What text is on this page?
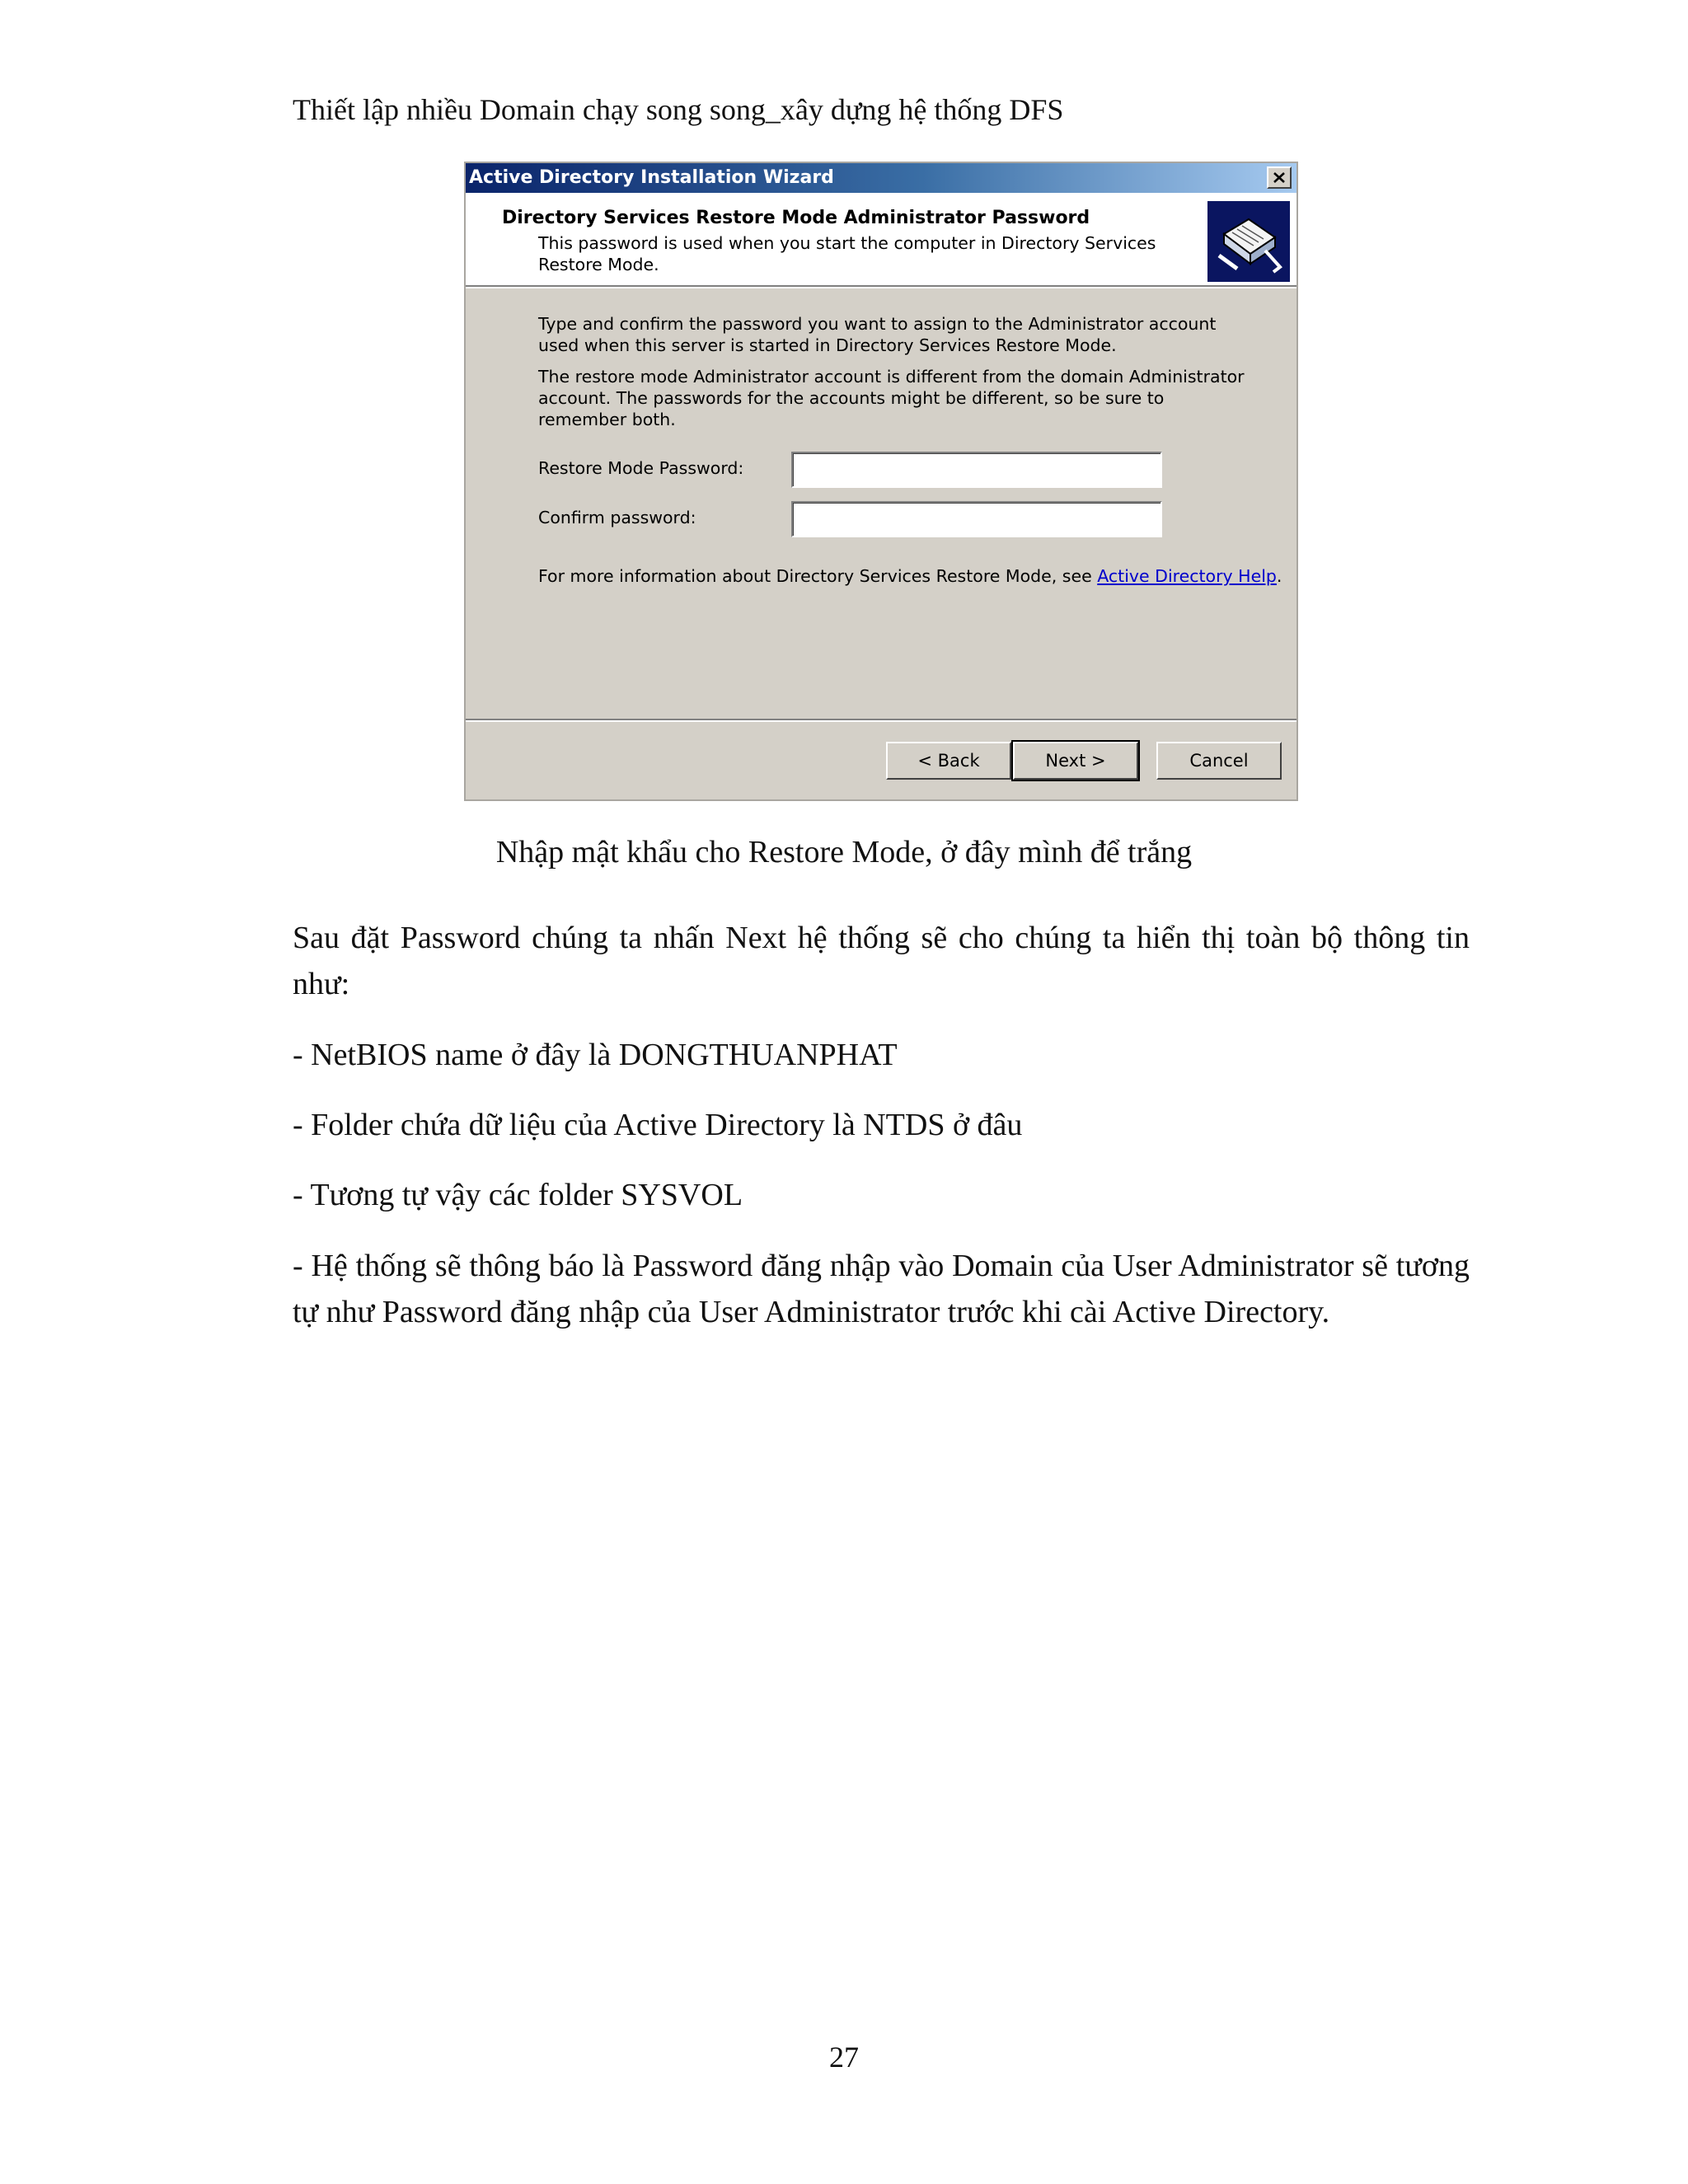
Thiết lập nhiều Domain chạy song song_xây dựng hệ thống DFS
Active Directory Installation Wizard
Directory Services Restore Mode Administrator Password
This password is used when you start the computer in Directory Services Restore Mode.
Type and confirm the password you want to assign to the Administrator account used when this server is started in Directory Services Restore Mode.
The restore mode Administrator account is different from the domain Administrator account. The passwords for the accounts might be different, so be sure to remember both.
Restore Mode Password:
Confirm password:
For more information about Directory Services Restore Mode, see Active Directory Help.
< Back	Next >	Cancel
Nhập mật khẩu cho Restore Mode, ở đây mình để trắng
Sau đặt Password chúng ta nhấn Next hệ thống sẽ cho chúng ta hiển thị toàn bộ thông tin như:
- NetBIOS name ở đây là DONGTHUANPHAT
- Folder chứa dữ liệu của Active Directory là NTDS ở đâu
- Tương tự vậy các folder SYSVOL
- Hệ thống sẽ thông báo là Password đăng nhập vào Domain của User Administrator sẽ tương tự như Password đăng nhập của User Administrator trước khi cài Active Directory.
27
